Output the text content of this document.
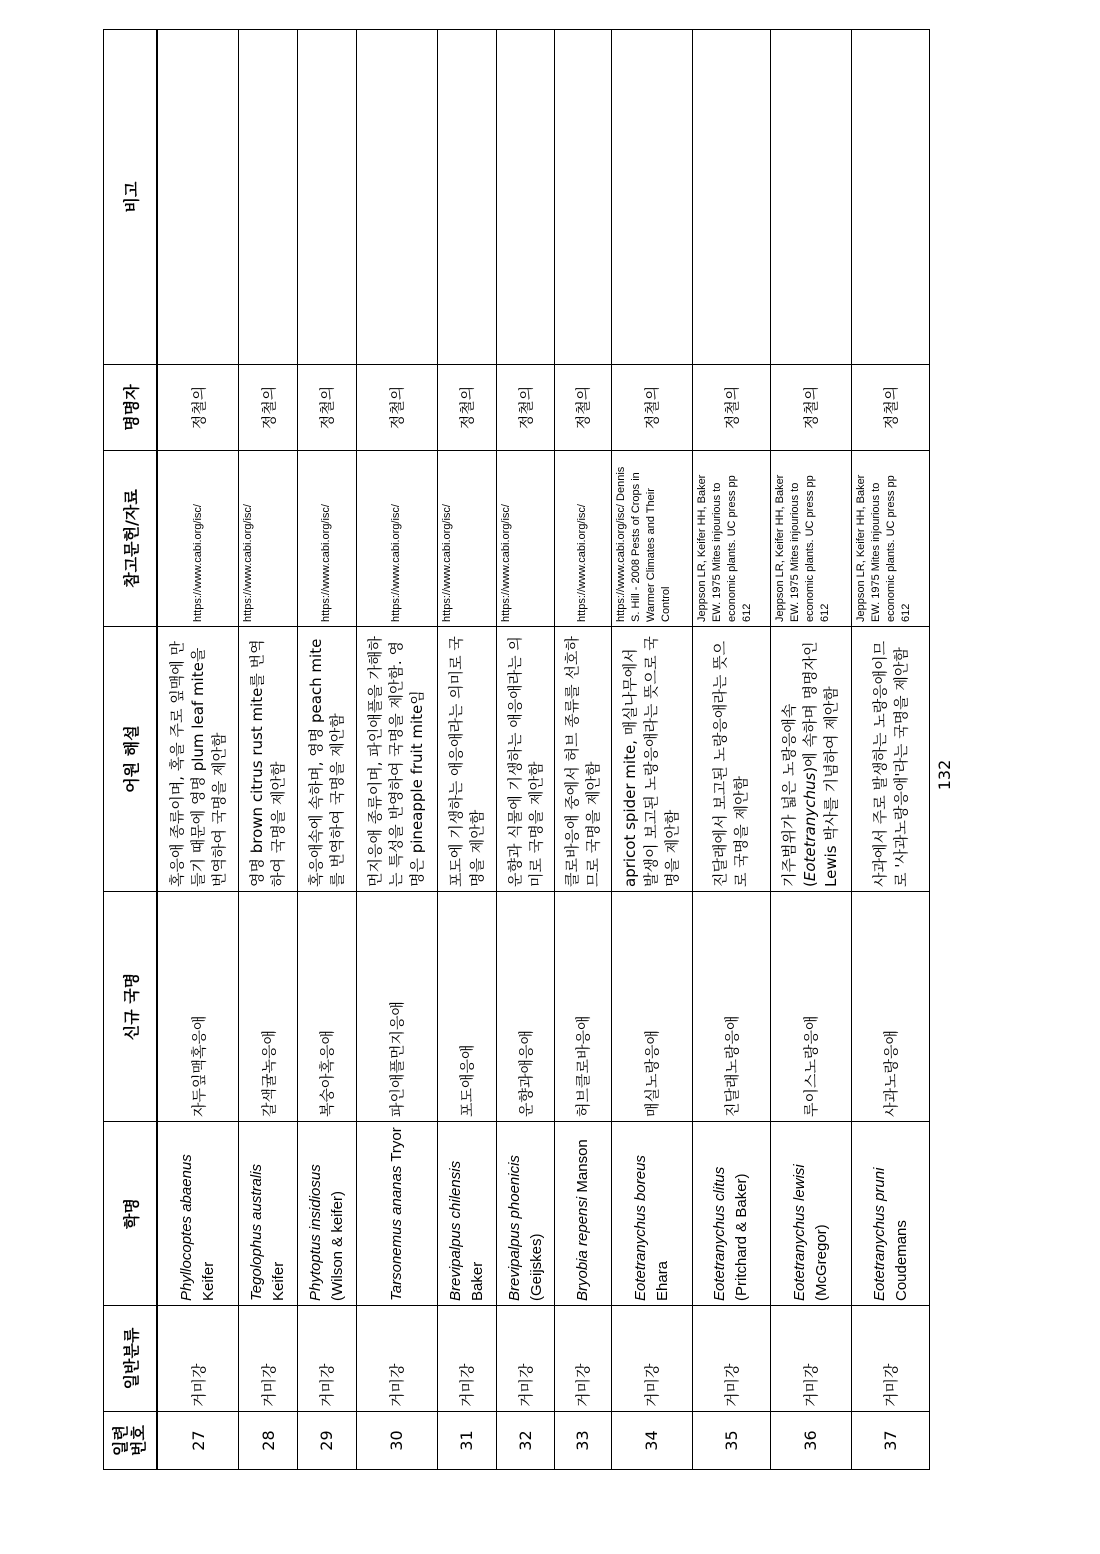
일련 번호	일반분류	학명	신규 국명	어원 해설	참고문헌/자료	명명자	비고
27	거미강	Phyllocoptes abaenus Keifer	자두잎맥혹응애	혹응애 종류이며, 혹을 주로 잎맥에 만들기 때문에 영명 plum leaf mite을 번역하여 국명을 제안함	https://www.cabi.org/isc/	정철의	
28	거미강	Tegolophus australis Keifer	갈색귤녹응애	영명 brown citrus rust mite를 번역하여 국명을 제안함	https://www.cabi.org/isc/	정철의	
29	거미강	Phytoptus insidiosus (Wilson & keifer)	복숭아혹응애	혹응애속에 속하며, 영명 peach mite를 번역하여 국명을 제안함	https://www.cabi.org/isc/	정철의	
30	거미강	Tarsonemus ananas Tryor	파인애플먼지응애	먼지응애 종류이며, 파인애플을 가해하는 특성을 반영하여 국명을 제안함. 영명은 pineapple fruit mite임	https://www.cabi.org/isc/	정철의	
31	거미강	Brevipalpus chilensis Baker	포도애응애	포도에 기생하는 애응애라는 의미로 국명을 제안함	https://www.cabi.org/isc/	정철의	
32	거미강	Brevipalpus phoenicis (Geijskes)	운향과애응애	운향과 식물에 기생하는 애응애라는 의미로 국명을 제안함	https://www.cabi.org/isc/	정철의	
33	거미강	Bryobia repensi Manson	허브클로바응애	클로바응애 중에서 허브 종류를 선호하므로 국명을 제안함	https://www.cabi.org/isc/	정철의	
34	거미강	Eotetranychus boreus Ehara	매실노랑응애	apricot spider mite, 매실나무에서 발생이 보고된 노랑응애라는 뜻으로 국명을 제안함	https://www.cabi.org/isc/ Dennis S. Hill - 2008 Pests of Crops in Warmer Climates and Their Control	정철의	
35	거미강	Eotetranychus clitus (Pritchard & Baker)	진달래노랑응애	진달래에서 보고된 노랑응애라는 뜻으로 국명을 제안함	Jeppson LR, Keifer HH, Baker EW. 1975 Mites injourious to economic plants. UC press pp 612	정철의	
36	거미강	Eotetranychus lewisi (McGregor)	루이스노랑응애	기주범위가 넓은 노랑응애속 (Eotetranychus)에 속하며 명명자인 Lewis 박사를 기념하여 제안함	Jeppson LR, Keifer HH, Baker EW. 1975 Mites injourious to economic plants. UC press pp 612	정철의	
37	거미강	Eotetranychus pruni Coudemans	사과노랑응애	사과에서 주로 발생하는 노랑응애이므로 '사과노랑응애'라는 국명을 제안함	Jeppson LR, Keifer HH, Baker EW. 1975 Mites injourious to economic plants. UC press pp 612	정철의	
132
